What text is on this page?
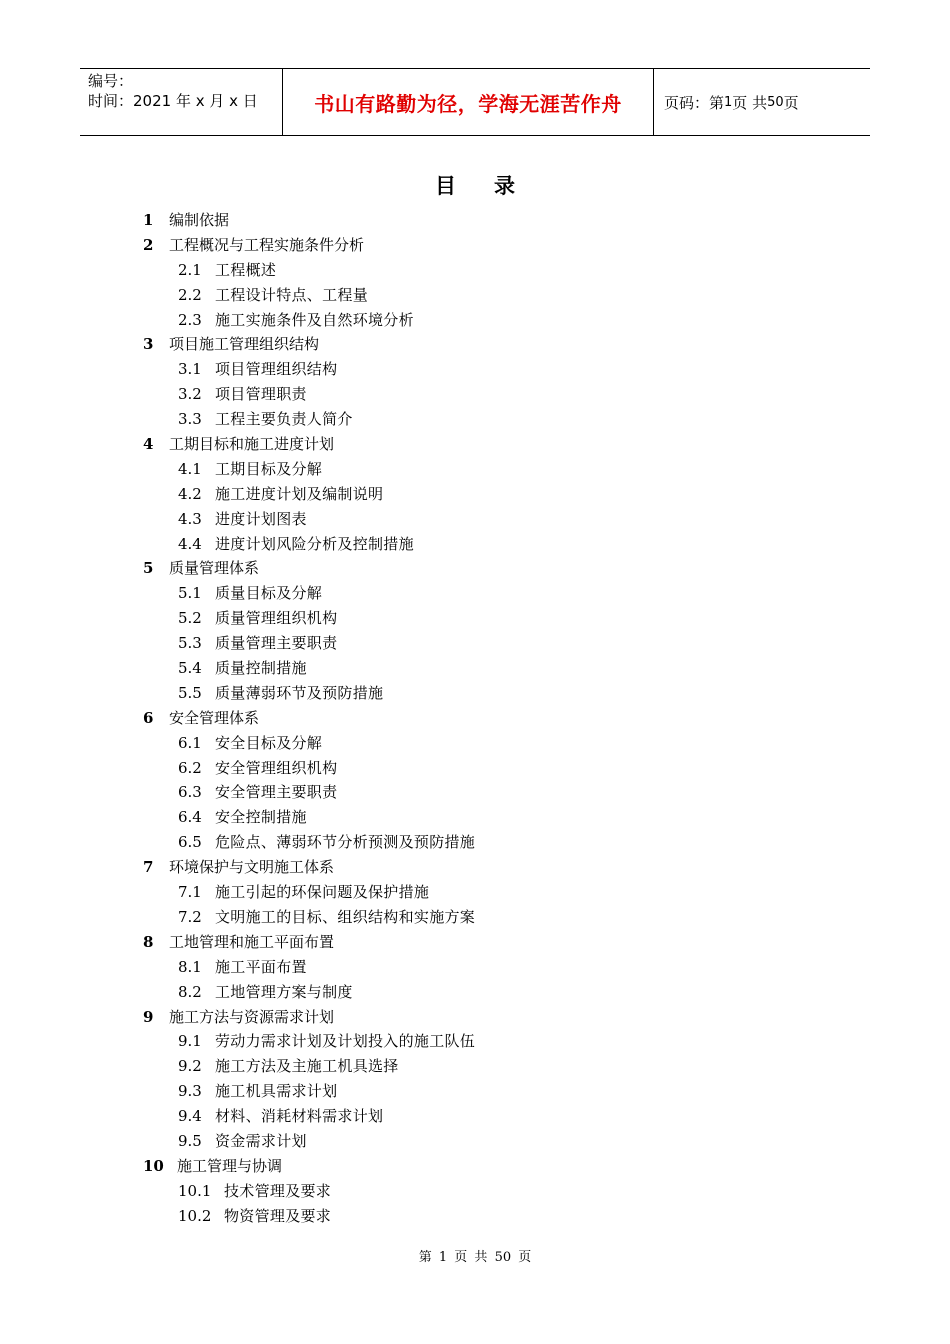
编号：
时间：2021 年 x 月 x 日	书山有路勤为径，学海无涯苦作舟	页码：第 1 页 共 50 页
目 录
1 编制依据
2 工程概况与工程实施条件分析
2.1 工程概述
2.2 工程设计特点、工程量
2.3 施工实施条件及自然环境分析
3 项目施工管理组织结构
3.1 项目管理组织结构
3.2 项目管理职责
3.3 工程主要负责人简介
4 工期目标和施工进度计划
4.1 工期目标及分解
4.2 施工进度计划及编制说明
4.3 进度计划图表
4.4 进度计划风险分析及控制措施
5 质量管理体系
5.1 质量目标及分解
5.2 质量管理组织机构
5.3 质量管理主要职责
5.4 质量控制措施
5.5 质量薄弱环节及预防措施
6 安全管理体系
6.1 安全目标及分解
6.2 安全管理组织机构
6.3 安全管理主要职责
6.4 安全控制措施
6.5 危险点、薄弱环节分析预测及预防措施
7 环境保护与文明施工体系
7.1 施工引起的环保问题及保护措施
7.2 文明施工的目标、组织结构和实施方案
8 工地管理和施工平面布置
8.1 施工平面布置
8.2 工地管理方案与制度
9 施工方法与资源需求计划
9.1 劳动力需求计划及计划投入的施工队伍
9.2 施工方法及主施工机具选择
9.3 施工机具需求计划
9.4 材料、消耗材料需求计划
9.5 资金需求计划
10 施工管理与协调
10.1 技术管理及要求
10.2 物资管理及要求
第 1 页 共 50 页
